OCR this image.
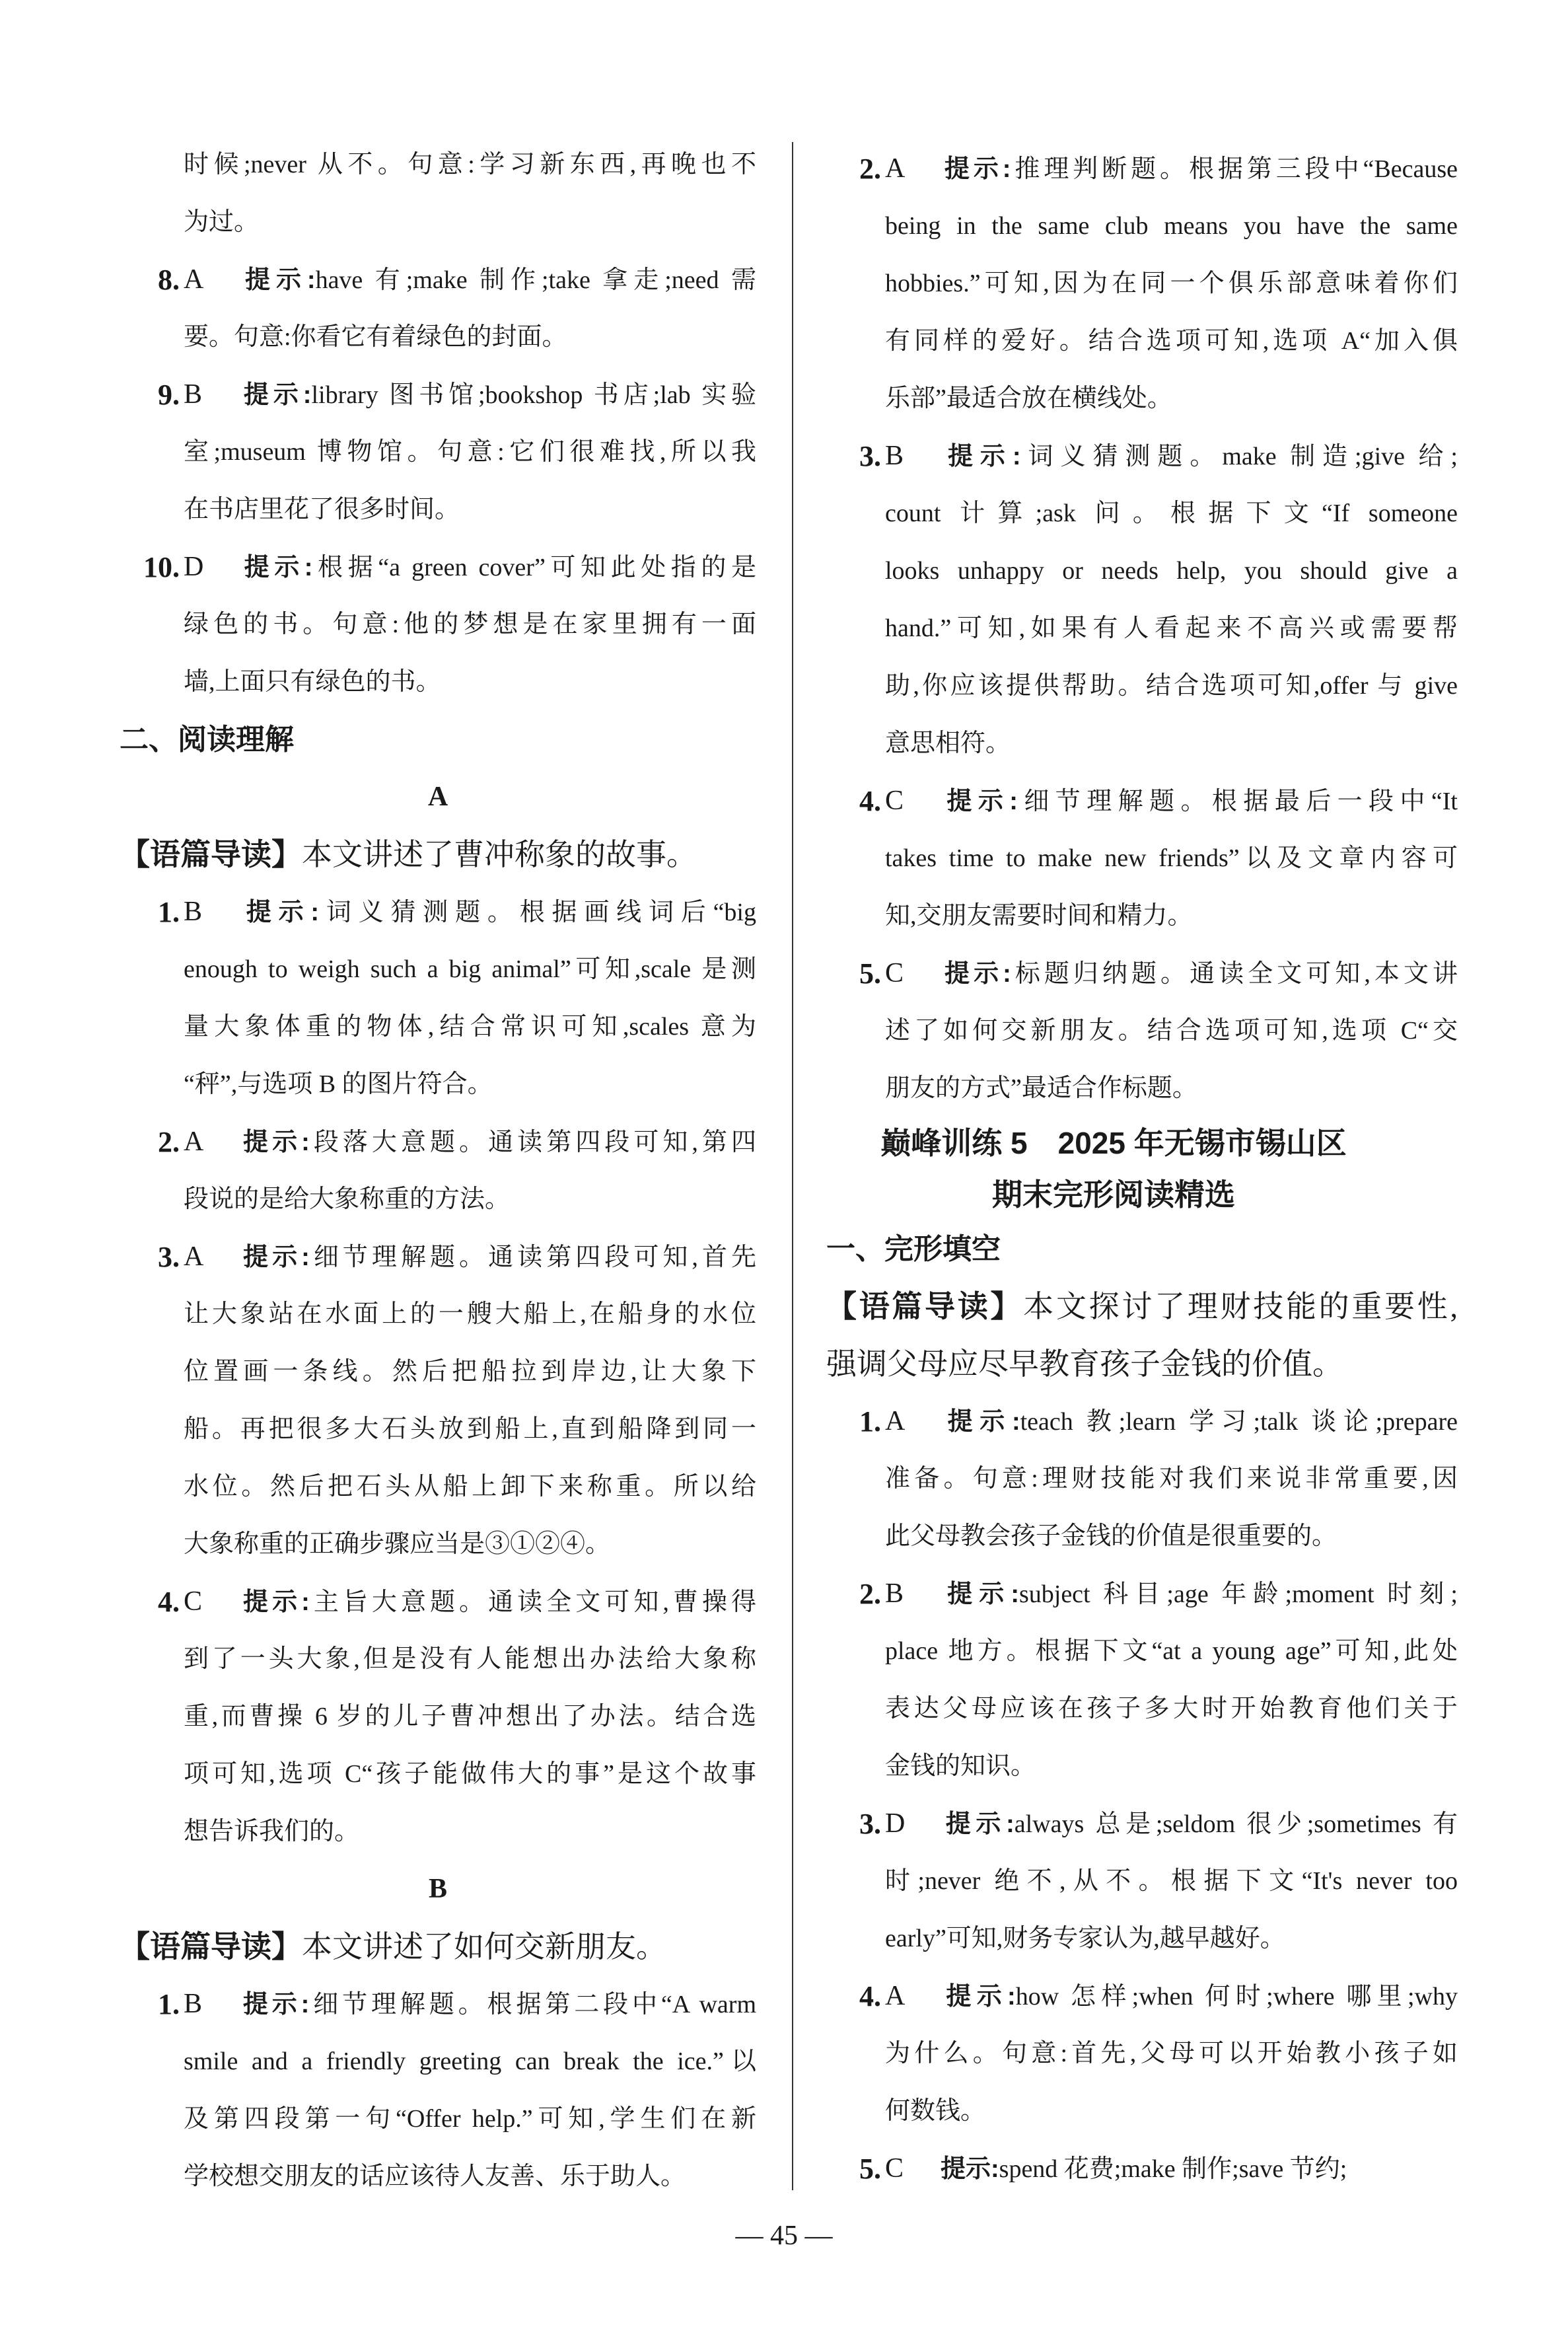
时候;never 从不。句意:学习新东西,再晚也不
为过。
8. A 提示:have 有;make 制作;take 拿走;need 需
要。句意:你看它有着绿色的封面。
9. B 提示:library 图书馆;bookshop 书店;lab 实验
室;museum 博物馆。句意:它们很难找,所以我
在书店里花了很多时间。
10. D 提示:根据“a green cover”可知此处指的是
绿色的书。句意:他的梦想是在家里拥有一面
墙,上面只有绿色的书。
二、阅读理解
A
【语篇导读】本文讲述了曹冲称象的故事。
1. B 提示:词义猜测题。根据画线词后“big
enough to weigh such a big animal”可知,scale 是测
量大象体重的物体,结合常识可知,scales 意为
“秤”,与选项 B 的图片符合。
2. A 提示:段落大意题。通读第四段可知,第四
段说的是给大象称重的方法。
3. A 提示:细节理解题。通读第四段可知,首先
让大象站在水面上的一艘大船上,在船身的水位
位置画一条线。然后把船拉到岸边,让大象下
船。再把很多大石头放到船上,直到船降到同一
水位。然后把石头从船上卸下来称重。所以给
大象称重的正确步骤应当是③①②④。
4. C 提示:主旨大意题。通读全文可知,曹操得
到了一头大象,但是没有人能想出办法给大象称
重,而曹操 6 岁的儿子曹冲想出了办法。结合选
项可知,选项 C“孩子能做伟大的事”是这个故事
想告诉我们的。
B
【语篇导读】本文讲述了如何交新朋友。
1. B 提示:细节理解题。根据第二段中“A warm
smile and a friendly greeting can break the ice.”以
及第四段第一句“Offer help.”可知,学生们在新
学校想交朋友的话应该待人友善、乐于助人。
2. A 提示:推理判断题。根据第三段中“Because
being in the same club means you have the same
hobbies.”可知,因为在同一个俱乐部意味着你们
有同样的爱好。结合选项可知,选项 A“加入俱
乐部”最适合放在横线处。
3. B 提示:词义猜测题。make 制造;give 给;
count 计算;ask 问。根据下文“If someone
looks unhappy or needs help, you should give a
hand.”可知,如果有人看起来不高兴或需要帮
助,你应该提供帮助。结合选项可知,offer 与 give
意思相符。
4. C 提示:细节理解题。根据最后一段中“It
takes time to make new friends”以及文章内容可
知,交朋友需要时间和精力。
5. C 提示:标题归纳题。通读全文可知,本文讲
述了如何交新朋友。结合选项可知,选项 C“交
朋友的方式”最适合作标题。
巅峰训练 5　2025 年无锡市锡山区
期末完形阅读精选
一、完形填空
【语篇导读】本文探讨了理财技能的重要性,
强调父母应尽早教育孩子金钱的价值。
1. A 提示:teach 教;learn 学习;talk 谈论;prepare
准备。句意:理财技能对我们来说非常重要,因
此父母教会孩子金钱的价值是很重要的。
2. B 提示:subject 科目;age 年龄;moment 时刻;
place 地方。根据下文“at a young age”可知,此处
表达父母应该在孩子多大时开始教育他们关于
金钱的知识。
3. D 提示:always 总是;seldom 很少;sometimes 有
时;never 绝不,从不。根据下文“It's never too
early”可知,财务专家认为,越早越好。
4. A 提示:how 怎样;when 何时;where 哪里;why
为什么。句意:首先,父母可以开始教小孩子如
何数钱。
5. C 提示:spend 花费;make 制作;save 节约;
— 45 —
